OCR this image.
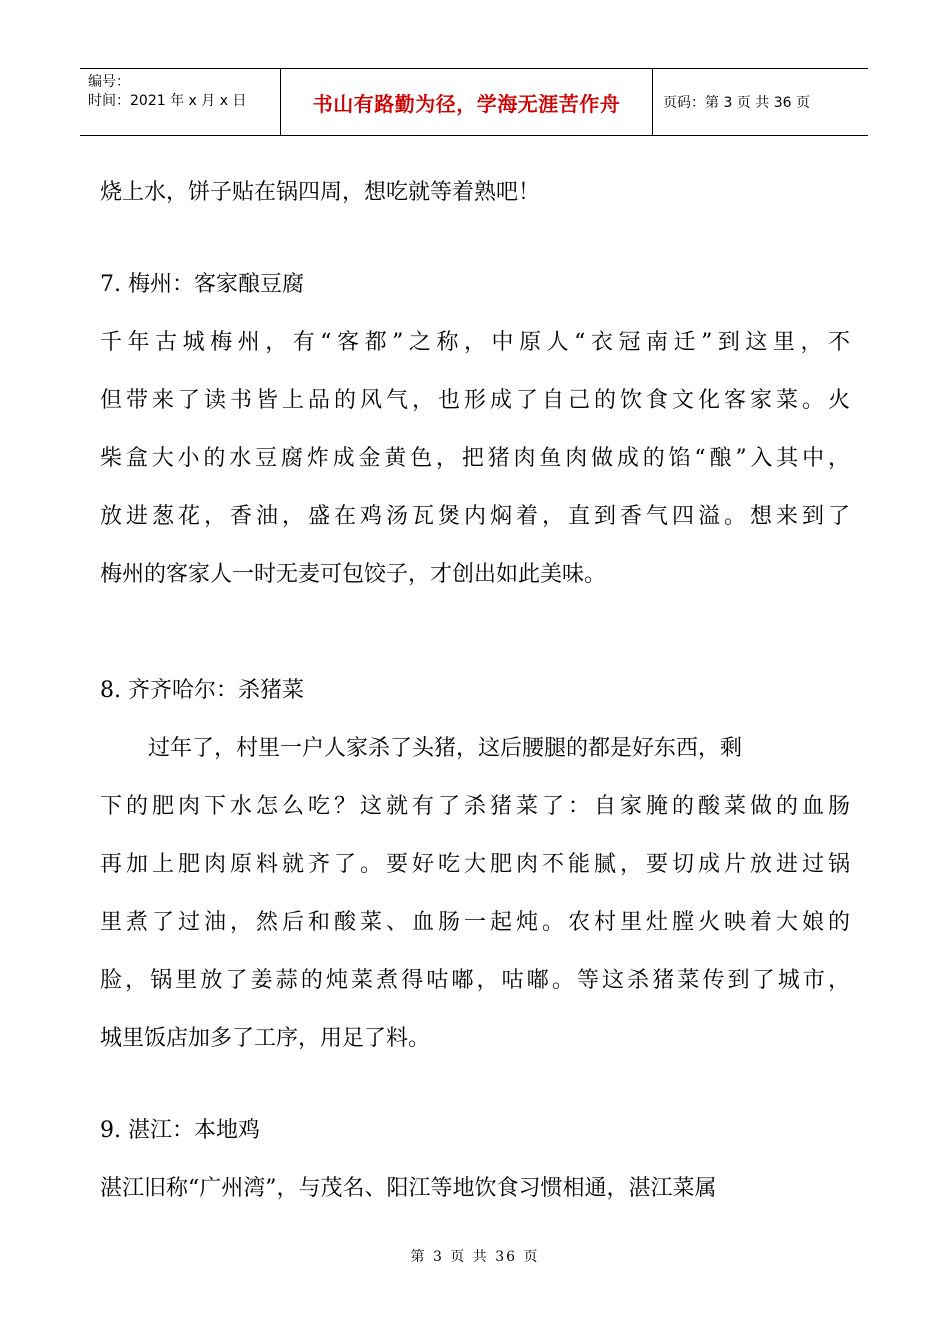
编号：
时间：2021 年 x 月 x 日	书山有路勤为径，学海无涯苦作舟	页码：第 3 页 共 36 页
烧上水，饼子贴在锅四周，想吃就等着熟吧！
7. 梅州：客家酿豆腐
千年古城梅州，有“客都”之称，中原人“衣冠南迁”到这里，不
但带来了读书皆上品的风气，也形成了自己的饮食文化客家菜。火
柴盒大小的水豆腐炸成金黄色，把猪肉鱼肉做成的馅“酿”入其中，
放进葱花，香油，盛在鸡汤瓦煲内焖着，直到香气四溢。想来到了
梅州的客家人一时无麦可包饺子，才创出如此美味。
8. 齐齐哈尔：杀猪菜
过年了，村里一户人家杀了头猪，这后腰腿的都是好东西，剩
下的肥肉下水怎么吃？这就有了杀猪菜了：自家腌的酸菜做的血肠
再加上肥肉原料就齐了。要好吃大肥肉不能腻，要切成片放进过锅
里煮了过油，然后和酸菜、血肠一起炖。农村里灶膛火映着大娘的
脸，锅里放了姜蒜的炖菜煮得咕嘟，咕嘟。等这杀猪菜传到了城市，
城里饭店加多了工序，用足了料。
9. 湛江：本地鸡
湛江旧称“广州湾”，与茂名、阳江等地饮食习惯相通，湛江菜属
第 3 页 共 36 页
